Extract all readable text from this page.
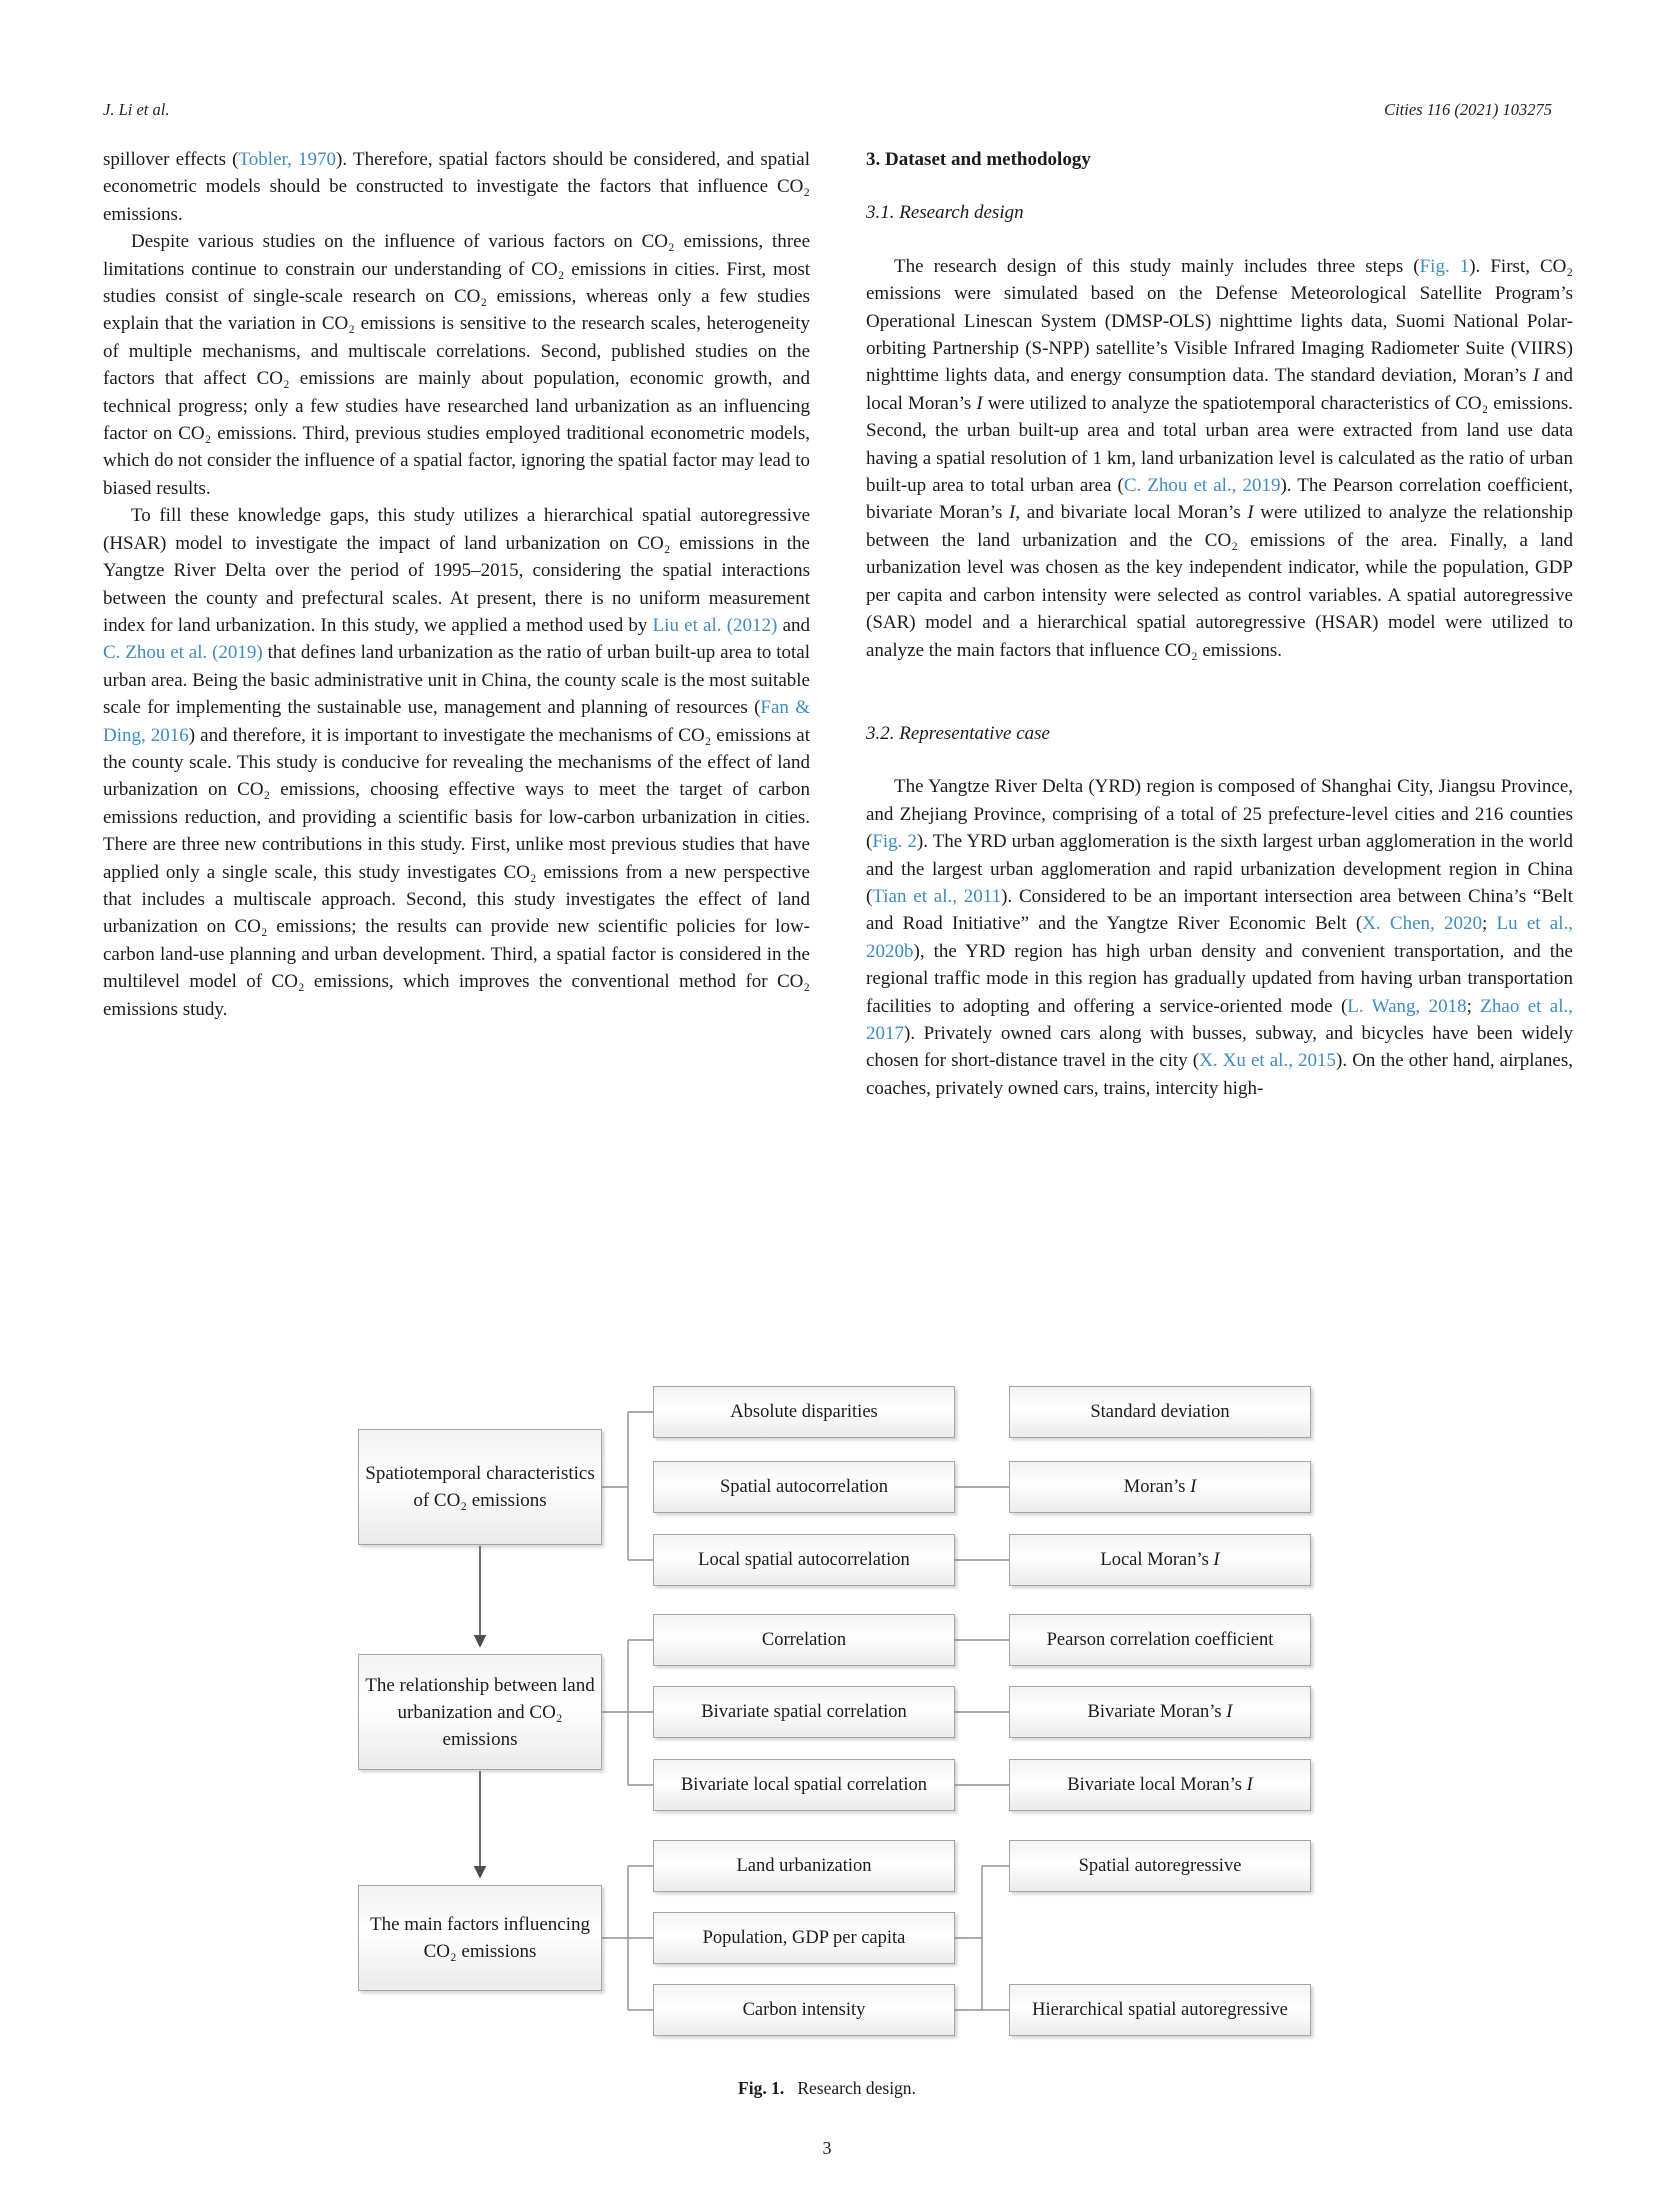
J. Li et al.	Cities 116 (2021) 103275

spillover effects (Tobler, 1970). Therefore, spatial factors should be considered, and spatial econometric models should be constructed to investigate the factors that influence CO₂ emissions.

Despite various studies on the influence of various factors on CO₂ emissions, three limitations continue to constrain our understanding of CO₂ emissions in cities. First, most studies consist of single-scale research on CO₂ emissions, whereas only a few studies explain that the variation in CO₂ emissions is sensitive to the research scales, heterogeneity of multiple mechanisms, and multiscale correlations. Second, published studies on the factors that affect CO₂ emissions are mainly about population, economic growth, and technical progress; only a few studies have researched land urbanization as an influencing factor on CO₂ emissions. Third, previous studies employed traditional econometric models, which do not consider the influence of a spatial factor, ignoring the spatial factor may lead to biased results.

To fill these knowledge gaps, this study utilizes a hierarchical spatial autoregressive (HSAR) model to investigate the impact of land urbanization on CO₂ emissions in the Yangtze River Delta over the period of 1995–2015, considering the spatial interactions between the county and prefectural scales. At present, there is no uniform measurement index for land urbanization. In this study, we applied a method used by Liu et al. (2012) and C. Zhou et al. (2019) that defines land urbanization as the ratio of urban built-up area to total urban area. Being the basic administrative unit in China, the county scale is the most suitable scale for implementing the sustainable use, management and planning of resources (Fan & Ding, 2016) and therefore, it is important to investigate the mechanisms of CO₂ emissions at the county scale. This study is conducive for revealing the mechanisms of the effect of land urbanization on CO₂ emissions, choosing effective ways to meet the target of carbon emissions reduction, and providing a scientific basis for low-carbon urbanization in cities. There are three new contributions in this study. First, unlike most previous studies that have applied only a single scale, this study investigates CO₂ emissions from a new perspective that includes a multiscale approach. Second, this study investigates the effect of land urbanization on CO₂ emissions; the results can provide new scientific policies for low-carbon land-use planning and urban development. Third, a spatial factor is considered in the multilevel model of CO₂ emissions, which improves the conventional method for CO₂ emissions study.

3. Dataset and methodology
3.1. Research design

The research design of this study mainly includes three steps (Fig. 1). First, CO₂ emissions were simulated based on the Defense Meteorological Satellite Program’s Operational Linescan System (DMSP-OLS) nighttime lights data, Suomi National Polar-orbiting Partnership (S-NPP) satellite’s Visible Infrared Imaging Radiometer Suite (VIIRS) nighttime lights data, and energy consumption data. The standard deviation, Moran’s I and local Moran’s I were utilized to analyze the spatiotemporal characteristics of CO₂ emissions. Second, the urban built-up area and total urban area were extracted from land use data having a spatial resolution of 1 km, land urbanization level is calculated as the ratio of urban built-up area to total urban area (C. Zhou et al., 2019). The Pearson correlation coefficient, bivariate Moran’s I, and bivariate local Moran’s I were utilized to analyze the relationship between the land urbanization and the CO₂ emissions of the area. Finally, a land urbanization level was chosen as the key independent indicator, while the population, GDP per capita and carbon intensity were selected as control variables. A spatial autoregressive (SAR) model and a hierarchical spatial autoregressive (HSAR) model were utilized to analyze the main factors that influence CO₂ emissions.

3.2. Representative case

The Yangtze River Delta (YRD) region is composed of Shanghai City, Jiangsu Province, and Zhejiang Province, comprising of a total of 25 prefecture-level cities and 216 counties (Fig. 2). The YRD urban agglomeration is the sixth largest urban agglomeration in the world and the largest urban agglomeration and rapid urbanization development region in China (Tian et al., 2011). Considered to be an important intersection area between China’s “Belt and Road Initiative” and the Yangtze River Economic Belt (X. Chen, 2020; Lu et al., 2020b), the YRD region has high urban density and convenient transportation, and the regional traffic mode in this region has gradually updated from having urban transportation facilities to adopting and offering a service-oriented mode (L. Wang, 2018; Zhao et al., 2017). Privately owned cars along with busses, subway, and bicycles have been widely chosen for short-distance travel in the city (X. Xu et al., 2015). On the other hand, airplanes, coaches, privately owned cars, trains, intercity high-

Spatiotemporal characteristics of CO₂ emissions
The relationship between land urbanization and CO₂ emissions
The main factors influencing CO₂ emissions
Absolute disparities
Spatial autocorrelation
Local spatial autocorrelation
Correlation
Bivariate spatial correlation
Bivariate local spatial correlation
Land urbanization
Population, GDP per capita
Carbon intensity
Standard deviation
Moran’s I
Local Moran’s I
Pearson correlation coefficient
Bivariate Moran’s I
Bivariate local Moran’s I
Spatial autoregressive
Hierarchical spatial autoregressive
Fig. 1. Research design.
3
